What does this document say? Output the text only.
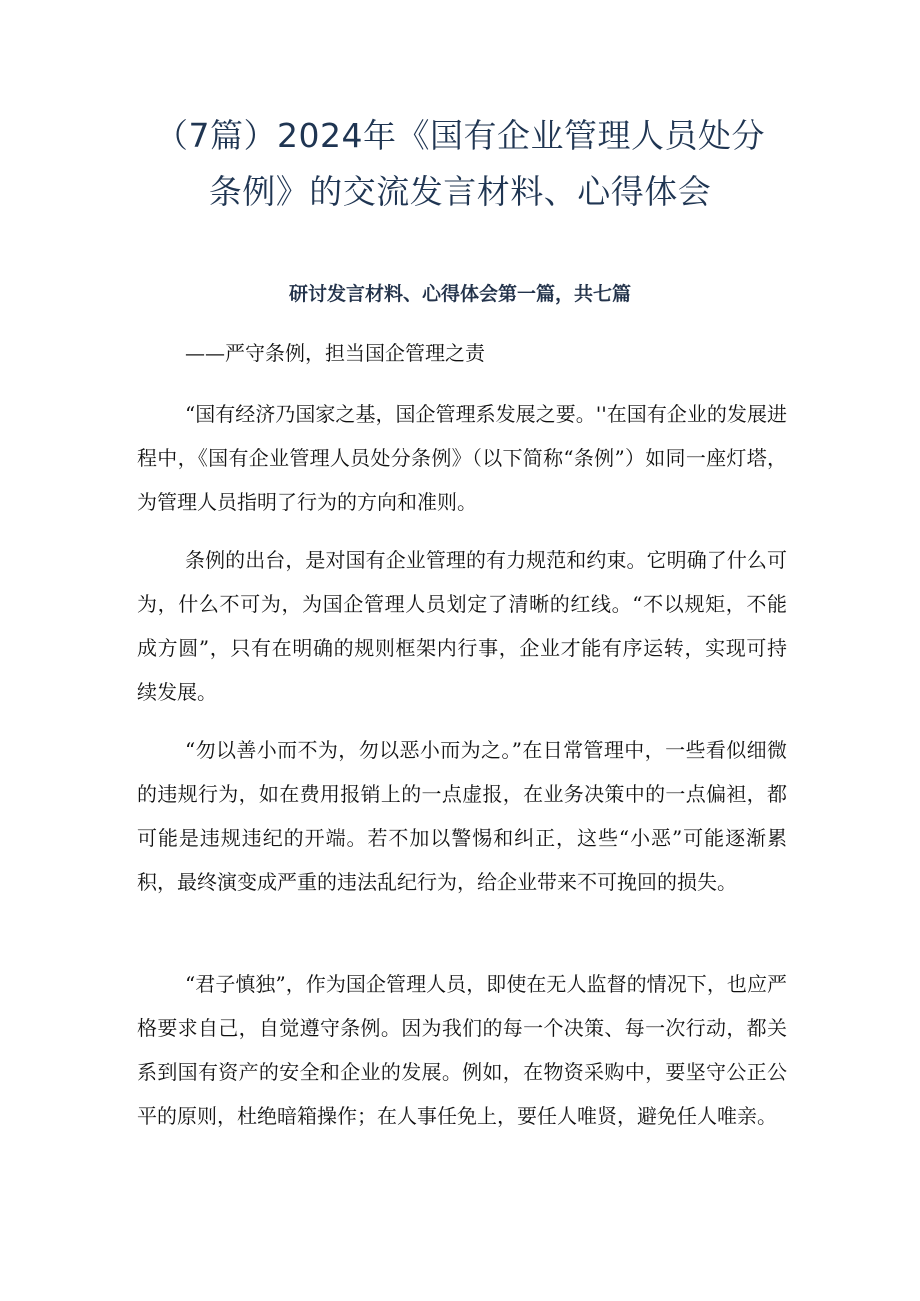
（7篇）2024年《国有企业管理人员处分
条例》的交流发言材料、心得体会
研讨发言材料、心得体会第一篇，共七篇

——严守条例，担当国企管理之责

“国有经济乃国家之基，国企管理系发展之要。''在国有企业的发展进程中，《国有企业管理人员处分条例》（以下简称“条例”）如同一座灯塔，为管理人员指明了行为的方向和准则。

条例的出台，是对国有企业管理的有力规范和约束。它明确了什么可为，什么不可为，为国企管理人员划定了清晰的红线。“不以规矩，不能成方圆”，只有在明确的规则框架内行事，企业才能有序运转，实现可持续发展。

“勿以善小而不为，勿以恶小而为之。”在日常管理中，一些看似细微的违规行为，如在费用报销上的一点虚报，在业务决策中的一点偏袒，都可能是违规违纪的开端。若不加以警惕和纠正，这些“小恶”可能逐渐累积，最终演变成严重的违法乱纪行为，给企业带来不可挽回的损失。

“君子慎独”，作为国企管理人员，即使在无人监督的情况下，也应严格要求自己，自觉遵守条例。因为我们的每一个决策、每一次行动，都关系到国有资产的安全和企业的发展。例如，在物资采购中，要坚守公正公平的原则，杜绝暗箱操作；在人事任免上，要任人唯贤，避免任人唯亲。
